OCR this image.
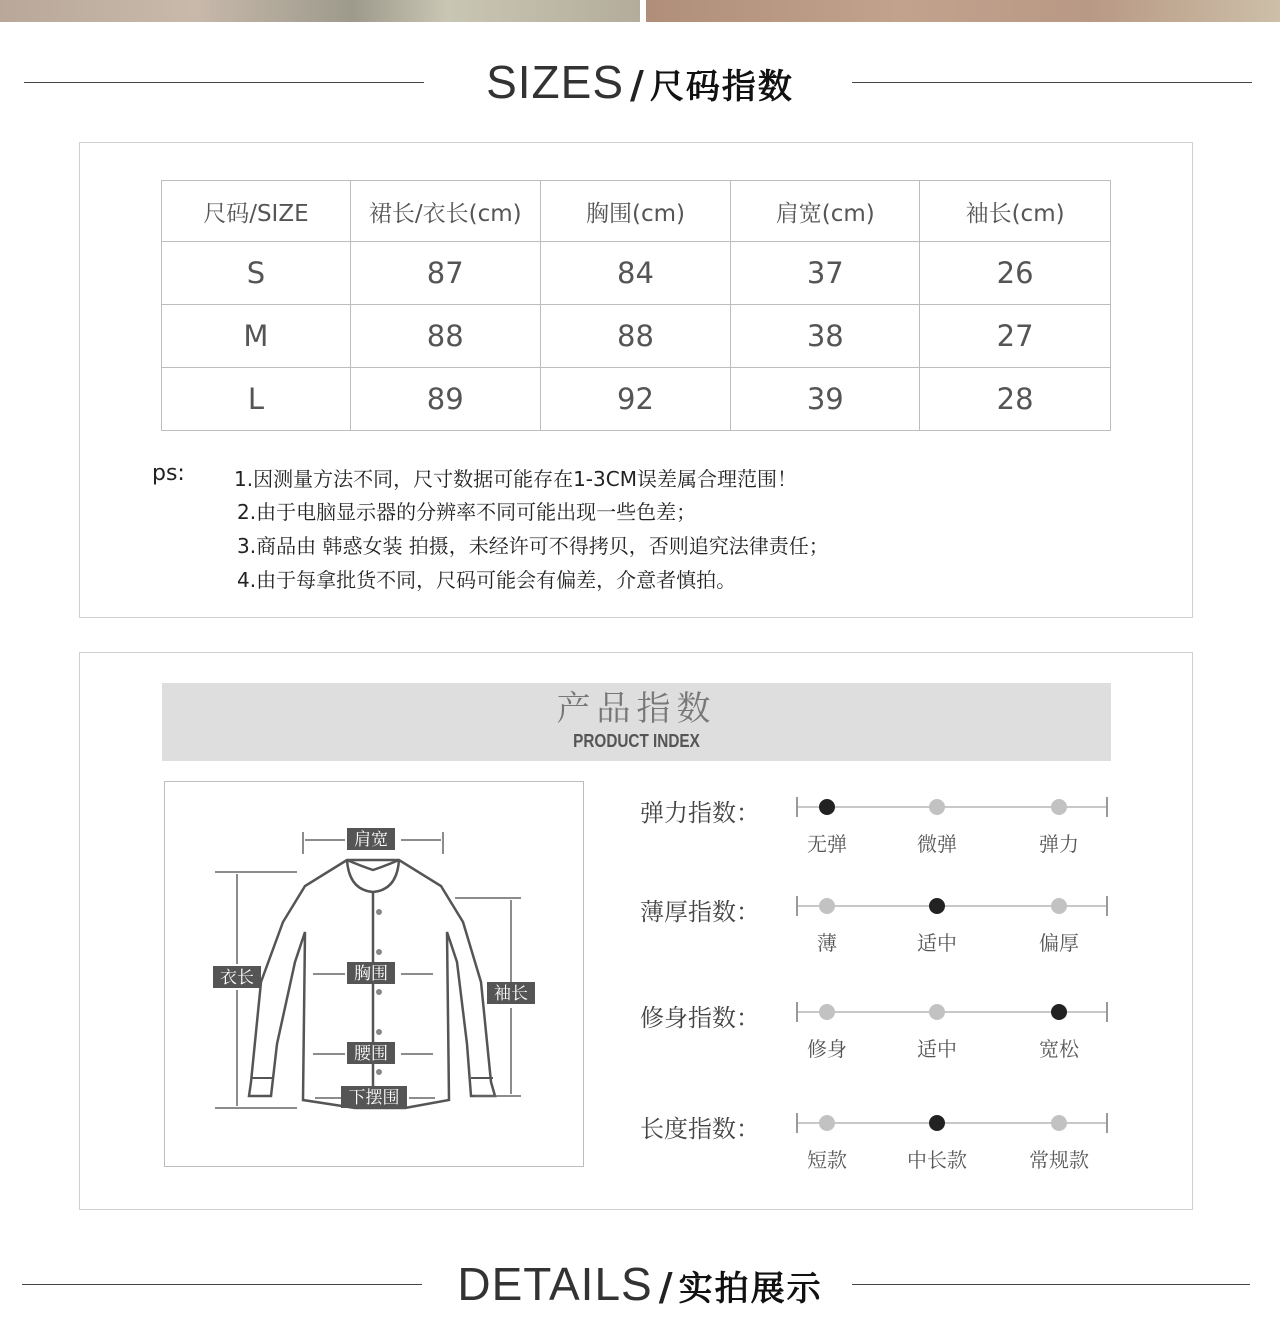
SIZES / 尺码指数
尺码/SIZE	裙长/衣长(cm)	胸围(cm)	肩宽(cm)	袖长(cm)
S	87	84	37	26
M	88	88	38	27
L	89	92	39	28
ps: 1.因测量方法不同，尺寸数据可能存在1-3CM误差属合理范围！
2.由于电脑显示器的分辨率不同可能出现一些色差；
3.商品由 韩惑女装 拍摄，未经许可不得拷贝，否则追究法律责任；
4.由于每拿批货不同，尺码可能会有偏差，介意者慎拍。
产品指数
PRODUCT INDEX
肩宽
衣长	胸围
袖长
腰围
下摆围
弹力指数：
无弹	微弹	弹力
薄厚指数：
薄	适中	偏厚
修身指数：
修身	适中	宽松
长度指数：
短款	中长款	常规款
DETAILS / 实拍展示
